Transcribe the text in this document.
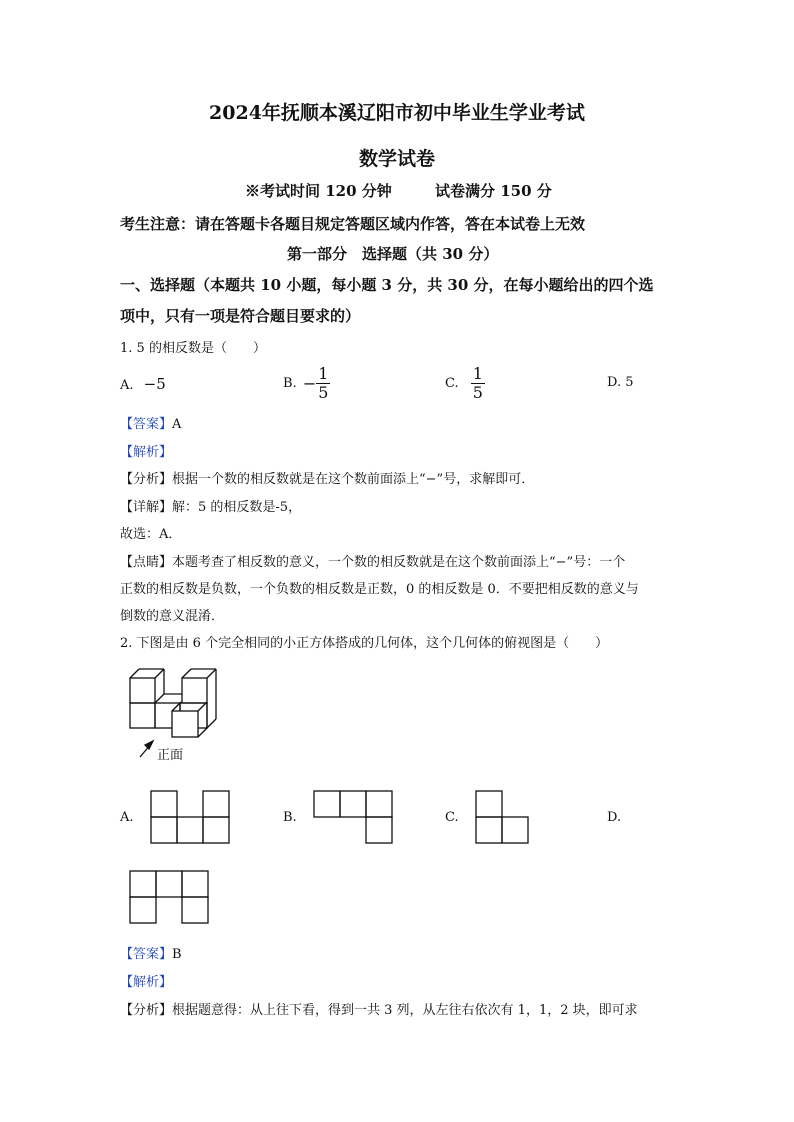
2024年抚顺本溪辽阳市初中毕业生学业考试
数学试卷
※考试时间 120 分钟	试卷满分 150 分
考生注意：请在答题卡各题目规定答题区域内作答，答在本试卷上无效
第一部分　选择题（共 30 分）
一、选择题（本题共 10 小题，每小题 3 分，共 30 分，在每小题给出的四个选
项中，只有一项是符合题目要求的）
1. 5 的相反数是（　　）
A. −5	B. − $\frac{1}{5}$	C. $\frac{1}{5}$	D. 5
【答案】A
【解析】
【分析】根据一个数的相反数就是在这个数前面添上“−”号，求解即可．
【详解】解：5 的相反数是-5，
故选：A．
【点睛】本题考查了相反数的意义，一个数的相反数就是在这个数前面添上“−”号：一个
正数的相反数是负数，一个负数的相反数是正数，0 的相反数是 0．不要把相反数的意义与
倒数的意义混淆．
2. 下图是由 6 个完全相同的小正方体搭成的几何体，这个几何体的俯视图是（　　）
正面
A.	B.	C.	D.
【答案】B
【解析】
【分析】根据题意得：从上往下看，得到一共 3 列，从左往右依次有 1，1，2 块，即可求
